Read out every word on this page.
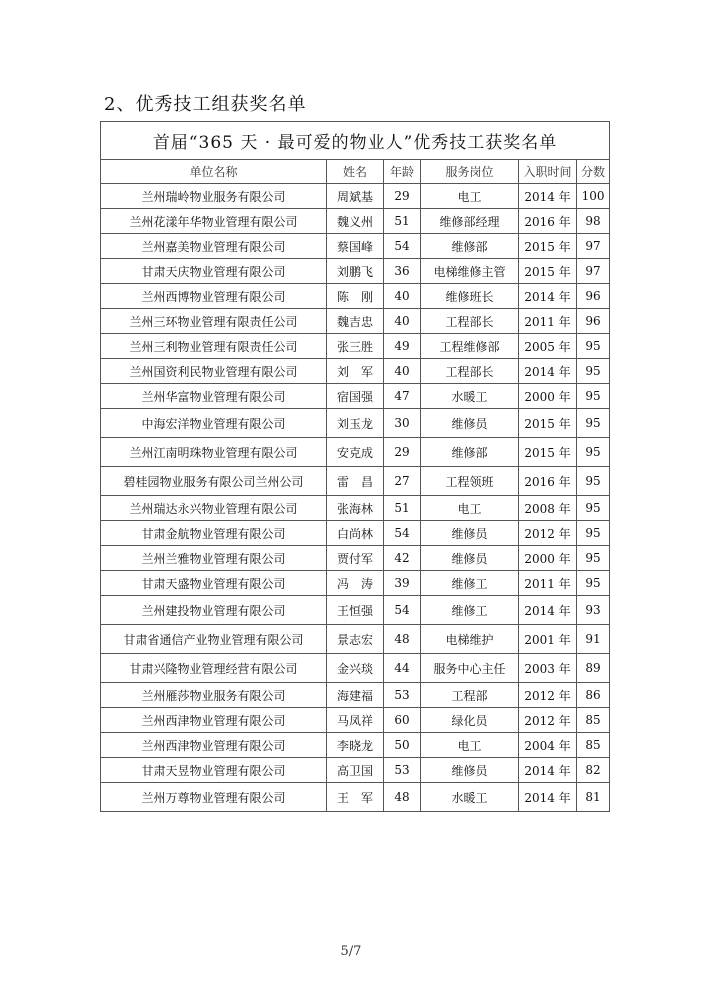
2、优秀技工组获奖名单
首届“365 天 · 最可爱的物业人”优秀技工获奖名单					
单位名称	姓名	年龄	服务岗位	入职时间	分数
兰州瑞岭物业服务有限公司	周斌基	29	电工	2014 年	100
兰州花漾年华物业管理有限公司	魏义州	51	维修部经理	2016 年	98
兰州嘉美物业管理有限公司	蔡国峰	54	维修部	2015 年	97
甘肃天庆物业管理有限公司	刘鹏飞	36	电梯维修主管	2015 年	97
兰州西博物业管理有限公司	陈　刚	40	维修班长	2014 年	96
兰州三环物业管理有限责任公司	魏吉忠	40	工程部长	2011 年	96
兰州三利物业管理有限责任公司	张三胜	49	工程维修部	2005 年	95
兰州国资利民物业管理有限公司	刘　军	40	工程部长	2014 年	95
兰州华富物业管理有限公司	宿国强	47	水暖工	2000 年	95
中海宏洋物业管理有限公司	刘玉龙	30	维修员	2015 年	95
兰州江南明珠物业管理有限公司	安克成	29	维修部	2015 年	95
碧桂园物业服务有限公司兰州公司	雷　昌	27	工程领班	2016 年	95
兰州瑞达永兴物业管理有限公司	张海林	51	电工	2008 年	95
甘肃金航物业管理有限公司	白尚林	54	维修员	2012 年	95
兰州兰雅物业管理有限公司	贾付军	42	维修员	2000 年	95
甘肃天盛物业管理有限公司	冯　涛	39	维修工	2011 年	95
兰州建投物业管理有限公司	王恒强	54	维修工	2014 年	93
甘肃省通信产业物业管理有限公司	景志宏	48	电梯维护	2001 年	91
甘肃兴隆物业管理经营有限公司	金兴琰	44	服务中心主任	2003 年	89
兰州雁莎物业服务有限公司	海建福	53	工程部	2012 年	86
兰州西津物业管理有限公司	马凤祥	60	绿化员	2012 年	85
兰州西津物业管理有限公司	李晓龙	50	电工	2004 年	85
甘肃天昱物业管理有限公司	高卫国	53	维修员	2014 年	82
兰州万尊物业管理有限公司	王　军	48	水暖工	2014 年	81
5/7
